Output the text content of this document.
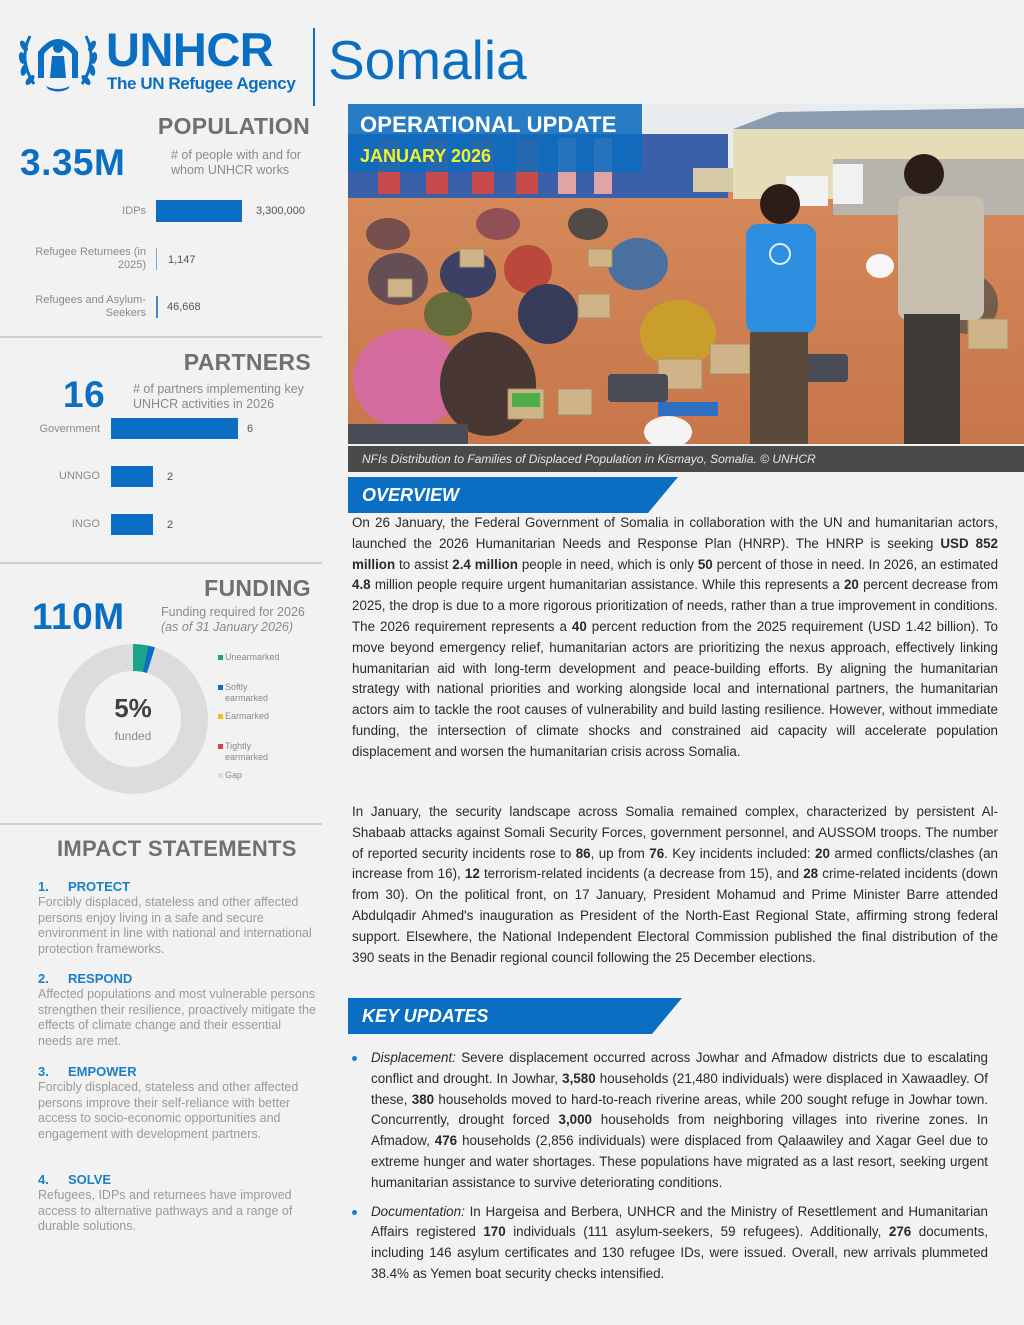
UNHCR
The UN Refugee Agency Somalia
POPULATION
3.35M	# of people with and for whom UNHCR works
IDPs	3,300,000
Refugee Returnees (in 2025) 1,147
Refugees and Asylum-Seekers 46,668
PARTNERS
16 # of partners implementing key UNHCR activities in 2026
Government	6
UNNGO	2
INGO	2
FUNDING
110M	Funding required for 2026
(as of 31 January 2026)
5%
funded
Unearmarked
Softly earmarked
Earmarked
Tightly earmarked
Gap
IMPACT STATEMENTS
1. PROTECT
Forcibly displaced, stateless and other affected persons enjoy living in a safe and secure environment in line with national and international protection frameworks.
2. RESPOND
Affected populations and most vulnerable persons strengthen their resilience, proactively mitigate the effects of climate change and their essential needs are met.
3. EMPOWER
Forcibly displaced, stateless and other affected persons improve their self-reliance with better access to socio-economic opportunities and engagement with development partners.
4. SOLVE
Refugees, IDPs and returnees have improved access to alternative pathways and a range of durable solutions.
OPERATIONAL UPDATE
JANUARY 2026
NFIs Distribution to Families of Displaced Population in Kismayo, Somalia. © UNHCR
OVERVIEW
On 26 January, the Federal Government of Somalia in collaboration with the UN and humanitarian actors, launched the 2026 Humanitarian Needs and Response Plan (HNRP). The HNRP is seeking USD 852 million to assist 2.4 million people in need, which is only 50 percent of those in need. In 2026, an estimated 4.8 million people require urgent humanitarian assistance. While this represents a 20 percent decrease from 2025, the drop is due to a more rigorous prioritization of needs, rather than a true improvement in conditions. The 2026 requirement represents a 40 percent reduction from the 2025 requirement (USD 1.42 billion). To move beyond emergency relief, humanitarian actors are prioritizing the nexus approach, effectively linking humanitarian aid with long-term development and peace-building efforts. By aligning the humanitarian strategy with national priorities and working alongside local and international partners, the humanitarian actors aim to tackle the root causes of vulnerability and build lasting resilience. However, without immediate funding, the intersection of climate shocks and constrained aid capacity will accelerate population displacement and worsen the humanitarian crisis across Somalia.
In January, the security landscape across Somalia remained complex, characterized by persistent Al-Shabaab attacks against Somali Security Forces, government personnel, and AUSSOM troops. The number of reported security incidents rose to 86, up from 76. Key incidents included: 20 armed conflicts/clashes (an increase from 16), 12 terrorism-related incidents (a decrease from 15), and 28 crime-related incidents (down from 30). On the political front, on 17 January, President Mohamud and Prime Minister Barre attended Abdulqadir Ahmed's inauguration as President of the North-East Regional State, affirming strong federal support. Elsewhere, the National Independent Electoral Commission published the final distribution of the 390 seats in the Benadir regional council following the 25 December elections.
KEY UPDATES
Displacement: Severe displacement occurred across Jowhar and Afmadow districts due to escalating conflict and drought. In Jowhar, 3,580 households (21,480 individuals) were displaced in Xawaadley. Of these, 380 households moved to hard-to-reach riverine areas, while 200 sought refuge in Jowhar town. Concurrently, drought forced 3,000 households from neighboring villages into riverine zones. In Afmadow, 476 households (2,856 individuals) were displaced from Qalaawiley and Xagar Geel due to extreme hunger and water shortages. These populations have migrated as a last resort, seeking urgent humanitarian assistance to survive deteriorating conditions.
Documentation: In Hargeisa and Berbera, UNHCR and the Ministry of Resettlement and Humanitarian Affairs registered 170 individuals (111 asylum-seekers, 59 refugees). Additionally, 276 documents, including 146 asylum certificates and 130 refugee IDs, were issued. Overall, new arrivals plummeted 38.4% as Yemen boat security checks intensified.
